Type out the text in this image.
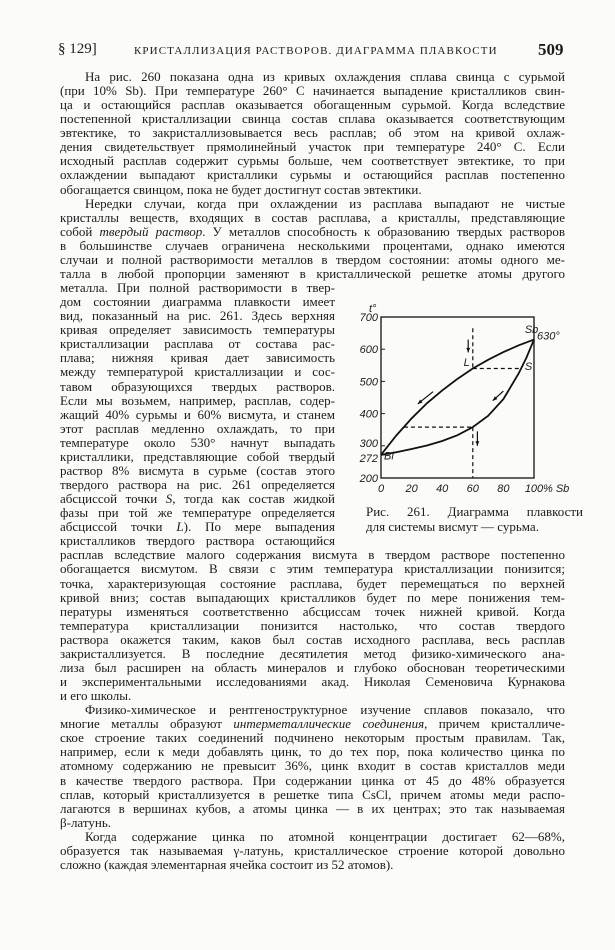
§ 129]	КРИСТАЛЛИЗАЦИЯ РАСТВОРОВ. ДИАГРАММА ПЛАВКОСТИ 509
На рис. 260 показана одна из кривых охлаждения сплава свинца с сурьмой
(при 10% Sb). При температуре 260° C начинается выпадение кристалликов свин-
ца и остающийся расплав оказывается обогащенным сурьмой. Когда вследствие
постепенной кристаллизации свинца состав сплава оказывается соответствующим
эвтектике, то закристаллизовывается весь расплав; об этом на кривой охлаж-
дения свидетельствует прямолинейный участок при температуре 240° C. Если
исходный расплав содержит сурьмы больше, чем соответствует эвтектике, то при
охлаждении выпадают кристаллики сурьмы и остающийся расплав постепенно
обогащается свинцом, пока не будет достигнут состав эвтектики.
Нередки случаи, когда при охлаждении из расплава выпадают не чистые
кристаллы веществ, входящих в состав расплава, а кристаллы, представляющие
собой твердый раствор. У металлов способность к образованию твердых растворов
в большинстве случаев ограничена несколькими процентами, однако имеются
случаи и полной растворимости металлов в твердом состоянии: атомы одного ме-
талла в любой пропорции заменяют в кристаллической решетке атомы другого
металла. При полной растворимости в твер-
дом состоянии диаграмма плавкости имеет
вид, показанный на рис. 261. Здесь верхняя
кривая определяет зависимость температуры
кристаллизации расплава от состава рас-
плава; нижняя кривая дает зависимость
между температурой кристаллизации и сос-
тавом образующихся твердых растворов.
Если мы возьмем, например, расплав, содер-
жащий 40% сурьмы и 60% висмута, и станем
этот расплав медленно охлаждать, то при
температуре около 530° начнут выпадать
кристаллики, представляющие собой твердый
раствор 8% висмута в сурьме (состав этого
твердого раствора на рис. 261 определяется
абсциссой точки S, тогда как состав жидкой
фазы при той же температуре определяется
абсциссой точки L). По мере выпадения
кристалликов твердого раствора остающийся
расплав вследствие малого содержания висмута в твердом растворе постепенно
обогащается висмутом. В связи с этим температура кристаллизации понизится;
точка, характеризующая состояние расплава, будет перемещаться по верхней
кривой вниз; состав выпадающих кристалликов будет по мере понижения тем-
пературы изменяться соответственно абсциссам точек нижней кривой. Когда
температура кристаллизации понизится настолько, что состав твердого
раствора окажется таким, каков был состав исходного расплава, весь расплав
закристаллизуется. В последние десятилетия метод физико-химического ана-
лиза был расширен на область минералов и глубоко обоснован теоретическими
и экспериментальными исследованиями акад. Николая Семеновича Курнакова
и его школы.
Физико-химическое и рентгеноструктурное изучение сплавов показало, что
многие металлы образуют интерметаллические соединения, причем кристалличе-
ское строение таких соединений подчинено некоторым простым правилам. Так,
например, если к меди добавлять цинк, то до тех пор, пока количество цинка по
атомному содержанию не превысит 36%, цинк входит в состав кристаллов меди
в качестве твердого раствора. При содержании цинка от 45 до 48% образуется
сплав, который кристаллизуется в решетке типа CsCl, причем атомы меди распо-
лагаются в вершинах кубов, а атомы цинка — в их центрах; это так называемая
β-латунь.
Когда содержание цинка по атомной концентрации достигает 62—68%,
образуется так называемая γ-латунь, кристаллическое строение которой довольно
сложно (каждая элементарная ячейка состоит из 52 атомов).
700
600
500
400
300
272
200
0 20 40 60 80 100 % Sb
t°
Sb
630°
L	S
Bi
Рис. 261. Диаграмма плавкости
для системы висмут — сурьма.
